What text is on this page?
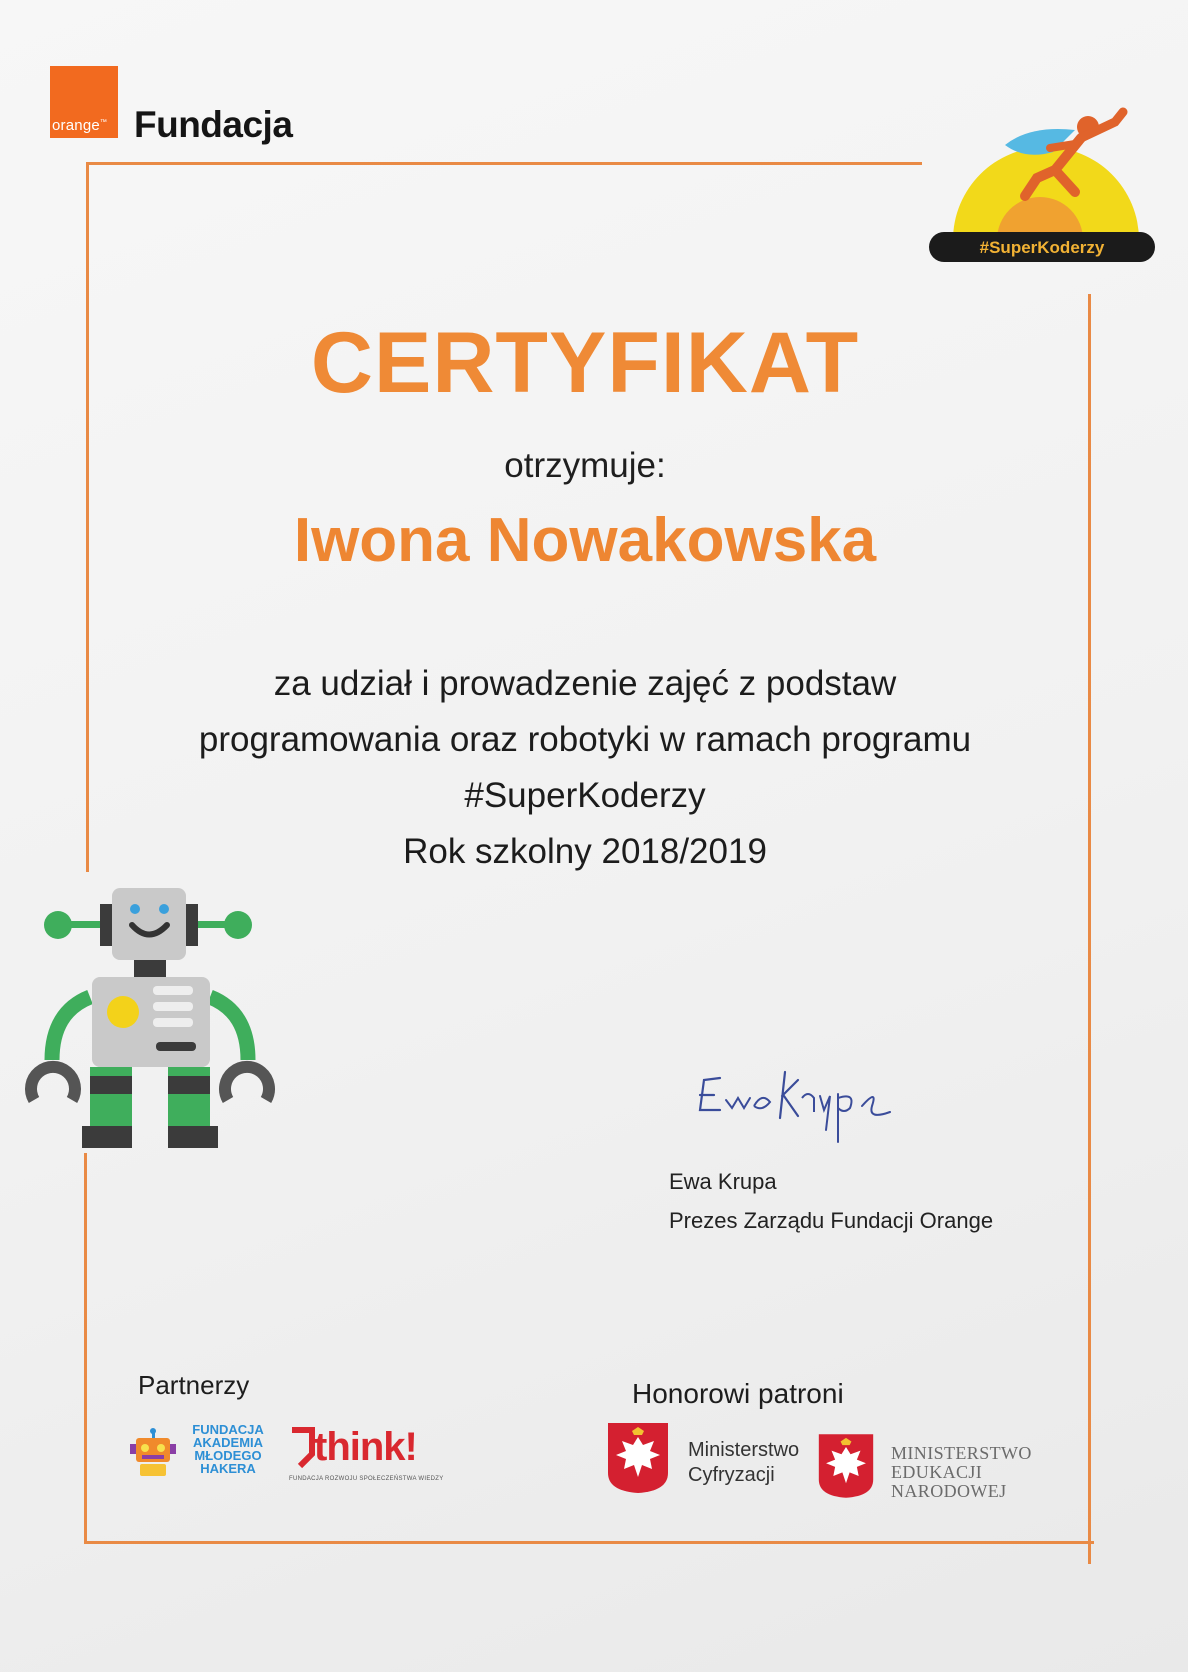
orange™ Fundacja
#SuperKoderzy
CERTYFIKAT
otrzymuje:
Iwona Nowakowska
za udział i prowadzenie zajęć z podstaw
programowania oraz robotyki w ramach programu
#SuperKoderzy
Rok szkolny 2018/2019
Ewa Krupa
Ewa Krupa
Prezes Zarządu Fundacji Orange
Partnerzy
FUNDACJA
AKADEMIA
MŁODEGO
HAKERA	think!
FUNDACJA ROZWOJU SPOŁECZEŃSTWA WIEDZY
Honorowi patroni
Ministerstwo
Cyfryzacji
MINISTERSTWO
EDUKACJI
NARODOWEJ
